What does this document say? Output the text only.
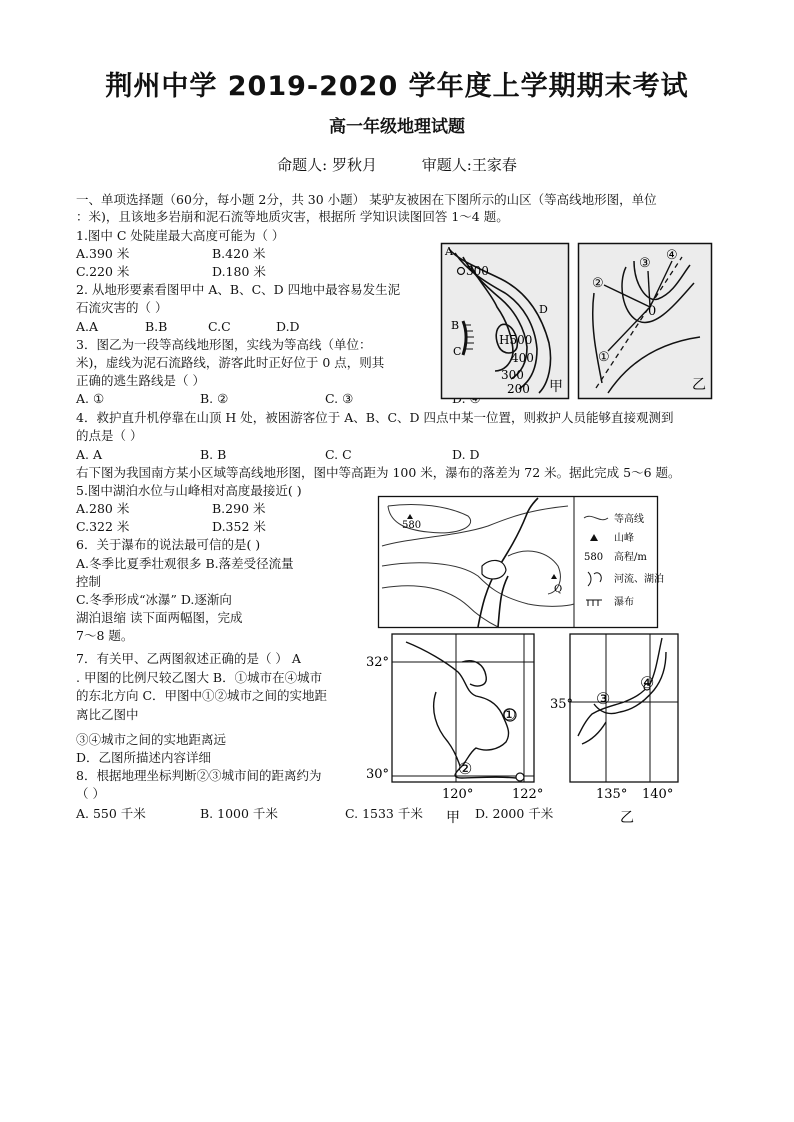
荆州中学 2019-2020 学年度上学期期末考试
高一年级地理试题
命题人: 罗秋月	审题人:王家春
一、单项选择题（60分，每小题 2分，共 30 小题） 某驴友被困在下图所示的山区（等高线地形图，单位
：米)，且该地多岩崩和泥石流等地质灾害，根据所 学知识读图回答 1～4 题。
1.图中 C 处陡崖最大高度可能为（ ）
A.390 米	B.420 米
C.220 米	D.180 米
2. 从地形要素看图甲中 A、B、C、D 四地中最容易发生泥
石流灾害的（ ）
A.A	B.B	C.C	D.D
3．图乙为一段等高线地形图，实线为等高线（单位：
米)，虚线为泥石流路线，游客此时正好位于 0 点，则其
正确的逃生路线是（ ）
A. ①	B. ②	C. ③
A
300
B
C
D
H500
400
300
200 甲
②
③
④
①
0
乙
4．救护直升机停靠在山顶 H 处，被困游客位于 A、B、C、D 四点中某一位置，则救护人员能够直接观测到
的点是（ ）
A. A	B. B	C. C	D. D
右下图为我国南方某小区域等高线地形图，图中等高距为 100 米，瀑布的落差为 72 米。据此完成 5～6 题。
5.图中湖泊水位与山峰相对高度最接近( )
A.280 米	B.290 米
C.322 米	D.352 米
6．关于瀑布的说法最可信的是( )
A.冬季比夏季壮观很多 B.落差受径流量
控制
C.冬季形成“冰瀑” D.逐渐向
湖泊退缩 读下面两幅图，完成
7～8 题。
580
Q
等高线
山峰
580 高程/m
河流、湖泊
瀑布
7．有关甲、乙两图叙述正确的是（ ） A
. 甲图的比例尺较乙图大 B．①城市在④城市
的东北方向 C．甲图中①②城市之间的实地距
离比乙图中
③④城市之间的实地距离远
D．乙图所描述内容详细
8．根据地理坐标判断②③城市间的距离约为
（ ）
A. 550 千米	B. 1000 千米	C. 1533 千米	D. 2000 千米
32°
30°
120°	122°
①
②
甲
35°
135° 140°
③
④
乙
